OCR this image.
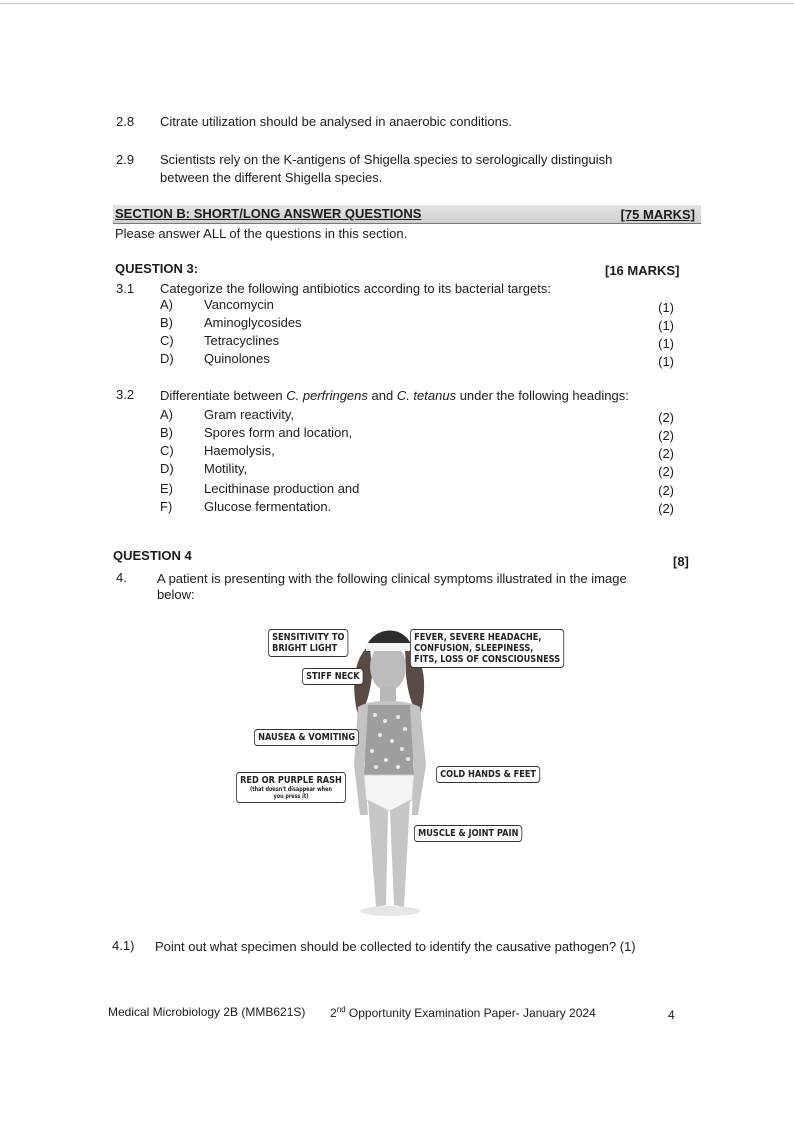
2.8 Citrate utilization should be analysed in anaerobic conditions.
2.9 Scientists rely on the K-antigens of Shigella species to serologically distinguish
between the different Shigella species.
SECTION B: SHORT/LONG ANSWER QUESTIONS	[75 MARKS]
Please answer ALL of the questions in this section.
QUESTION 3:	[16 MARKS]
3.1 Categorize the following antibiotics according to its bacterial targets:
A) Vancomycin	(1)
B) Aminoglycosides	(1)
C) Tetracyclines	(1)
D) Quinolones	(1)
3.2 Differentiate between C. perfringens and C. tetanus under the following headings:
A) Gram reactivity,	(2)
B) Spores form and location,	(2)
C) Haemolysis,	(2)
D) Motility,	(2)
E) Lecithinase production and	(2)
F) Glucose fermentation.	(2)
QUESTION 4	[8]
4. A patient is presenting with the following clinical symptoms illustrated in the image
below:
SENSITIVITY TO
BRIGHT LIGHT
FEVER, SEVERE HEADACHE,
CONFUSION, SLEEPINESS,
FITS, LOSS OF CONSCIOUSNESS
STIFF NECK
NAUSEA & VOMITING
RED OR PURPLE RASH
(that doesn't disappear when
you press it)
COLD HANDS & FEET
MUSCLE & JOINT PAIN
4.1) Point out what specimen should be collected to identify the causative pathogen? (1)
Medical Microbiology 2B (MMB621S) 2nd Opportunity Examination Paper- January 2024	4
